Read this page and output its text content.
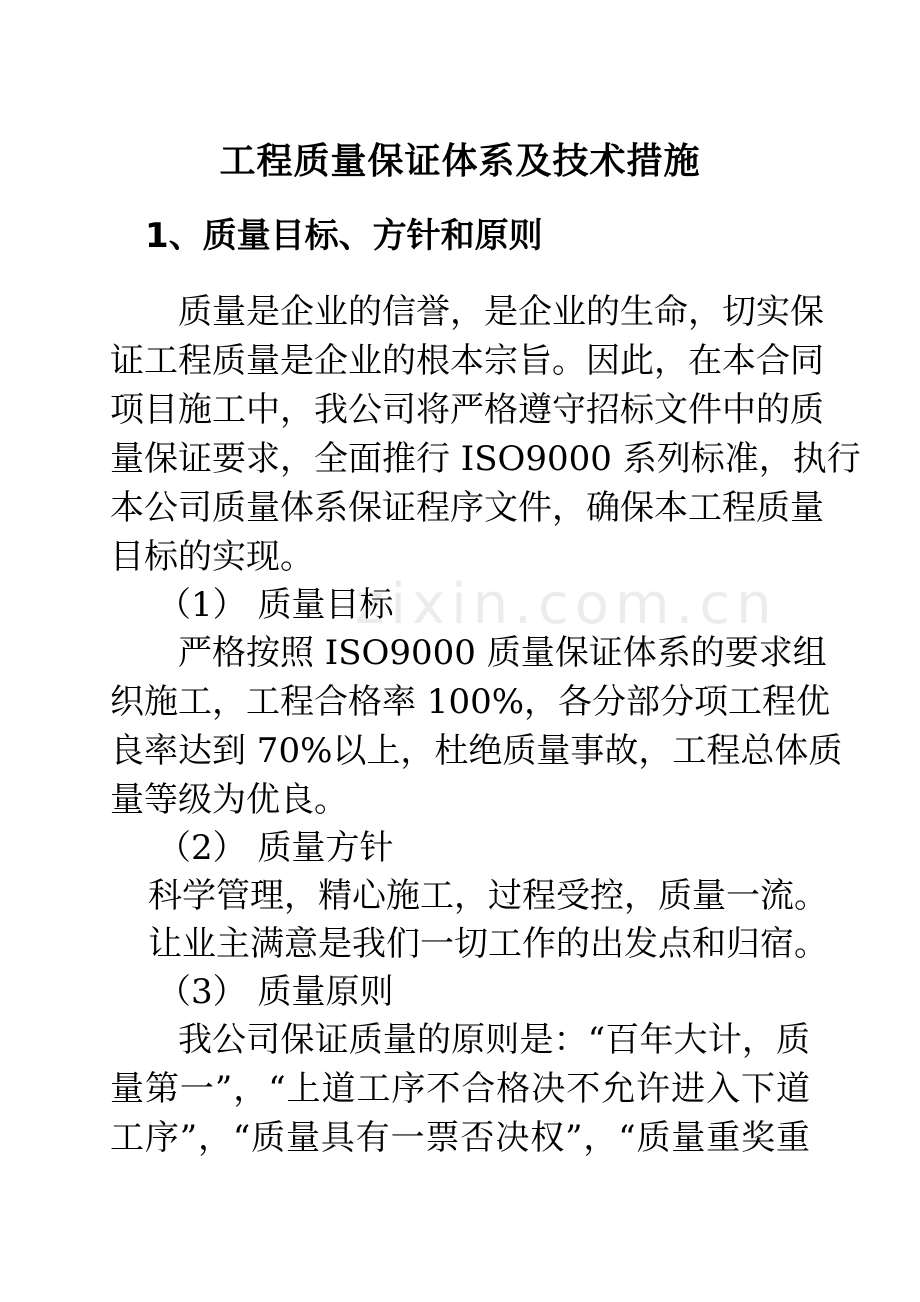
工程质量保证体系及技术措施
1、质量目标、方针和原则
质量是企业的信誉，是企业的生命，切实保
证工程质量是企业的根本宗旨。因此，在本合同
项目施工中，我公司将严格遵守招标文件中的质
量保证要求，全面推行 ISO9000 系列标准，执行
本公司质量体系保证程序文件，确保本工程质量
目标的实现。
（1） 质量目标
严格按照 ISO9000 质量保证体系的要求组
织施工，工程合格率 100%，各分部分项工程优
良率达到 70%以上，杜绝质量事故，工程总体质
量等级为优良。
（2） 质量方针
科学管理，精心施工，过程受控，质量一流。
让业主满意是我们一切工作的出发点和归宿。
（3） 质量原则
我公司保证质量的原则是：“百年大计，质
量第一”，“上道工序不合格决不允许进入下道
工序”，“质量具有一票否决权”，“质量重奖重
zixin.com.cn
